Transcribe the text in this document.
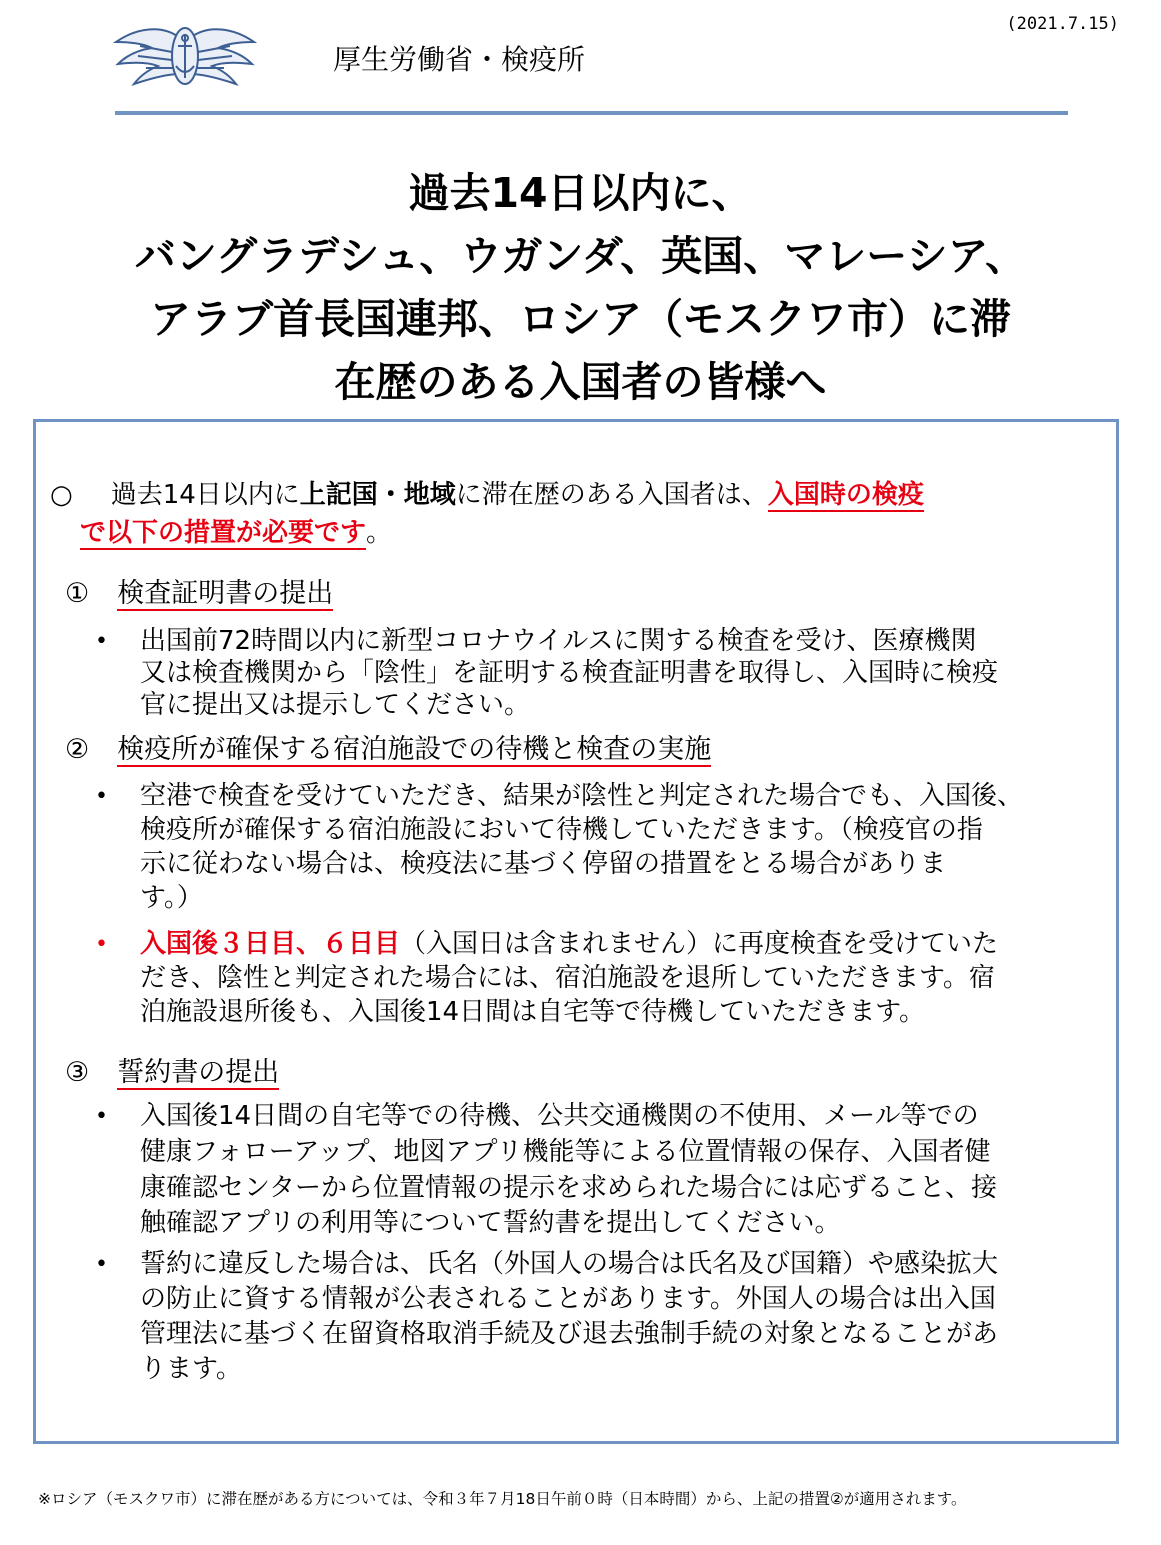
(2021.7.15)
厚生労働省・検疫所
過去14日以内に、
バングラデシュ、ウガンダ、英国、マレーシア、
アラブ首長国連邦、ロシア（モスクワ市）に滞
在歴のある入国者の皆様へ
○ 過去14日以内に上記国・地域に滞在歴のある入国者は、入国時の検疫
で以下の措置が必要です。
① 検査証明書の提出
• 出国前72時間以内に新型コロナウイルスに関する検査を受け、医療機関
又は検査機関から「陰性」を証明する検査証明書を取得し、入国時に検疫
官に提出又は提示してください。
② 検疫所が確保する宿泊施設での待機と検査の実施
• 空港で検査を受けていただき、結果が陰性と判定された場合でも、入国後、
検疫所が確保する宿泊施設において待機していただきます。（検疫官の指
示に従わない場合は、検疫法に基づく停留の措置をとる場合がありま
す。）
• 入国後３日目、６日目（入国日は含まれません）に再度検査を受けていた
だき、陰性と判定された場合には、宿泊施設を退所していただきます。宿
泊施設退所後も、入国後14日間は自宅等で待機していただきます。
③ 誓約書の提出
• 入国後14日間の自宅等での待機、公共交通機関の不使用、メール等での
健康フォローアップ、地図アプリ機能等による位置情報の保存、入国者健
康確認センターから位置情報の提示を求められた場合には応ずること、接
触確認アプリの利用等について誓約書を提出してください。
• 誓約に違反した場合は、氏名（外国人の場合は氏名及び国籍）や感染拡大
の防止に資する情報が公表されることがあります。外国人の場合は出入国
管理法に基づく在留資格取消手続及び退去強制手続の対象となることがあ
ります。
※ロシア（モスクワ市）に滞在歴がある方については、令和３年７月18日午前０時（日本時間）から、上記の措置②が適用されます。
